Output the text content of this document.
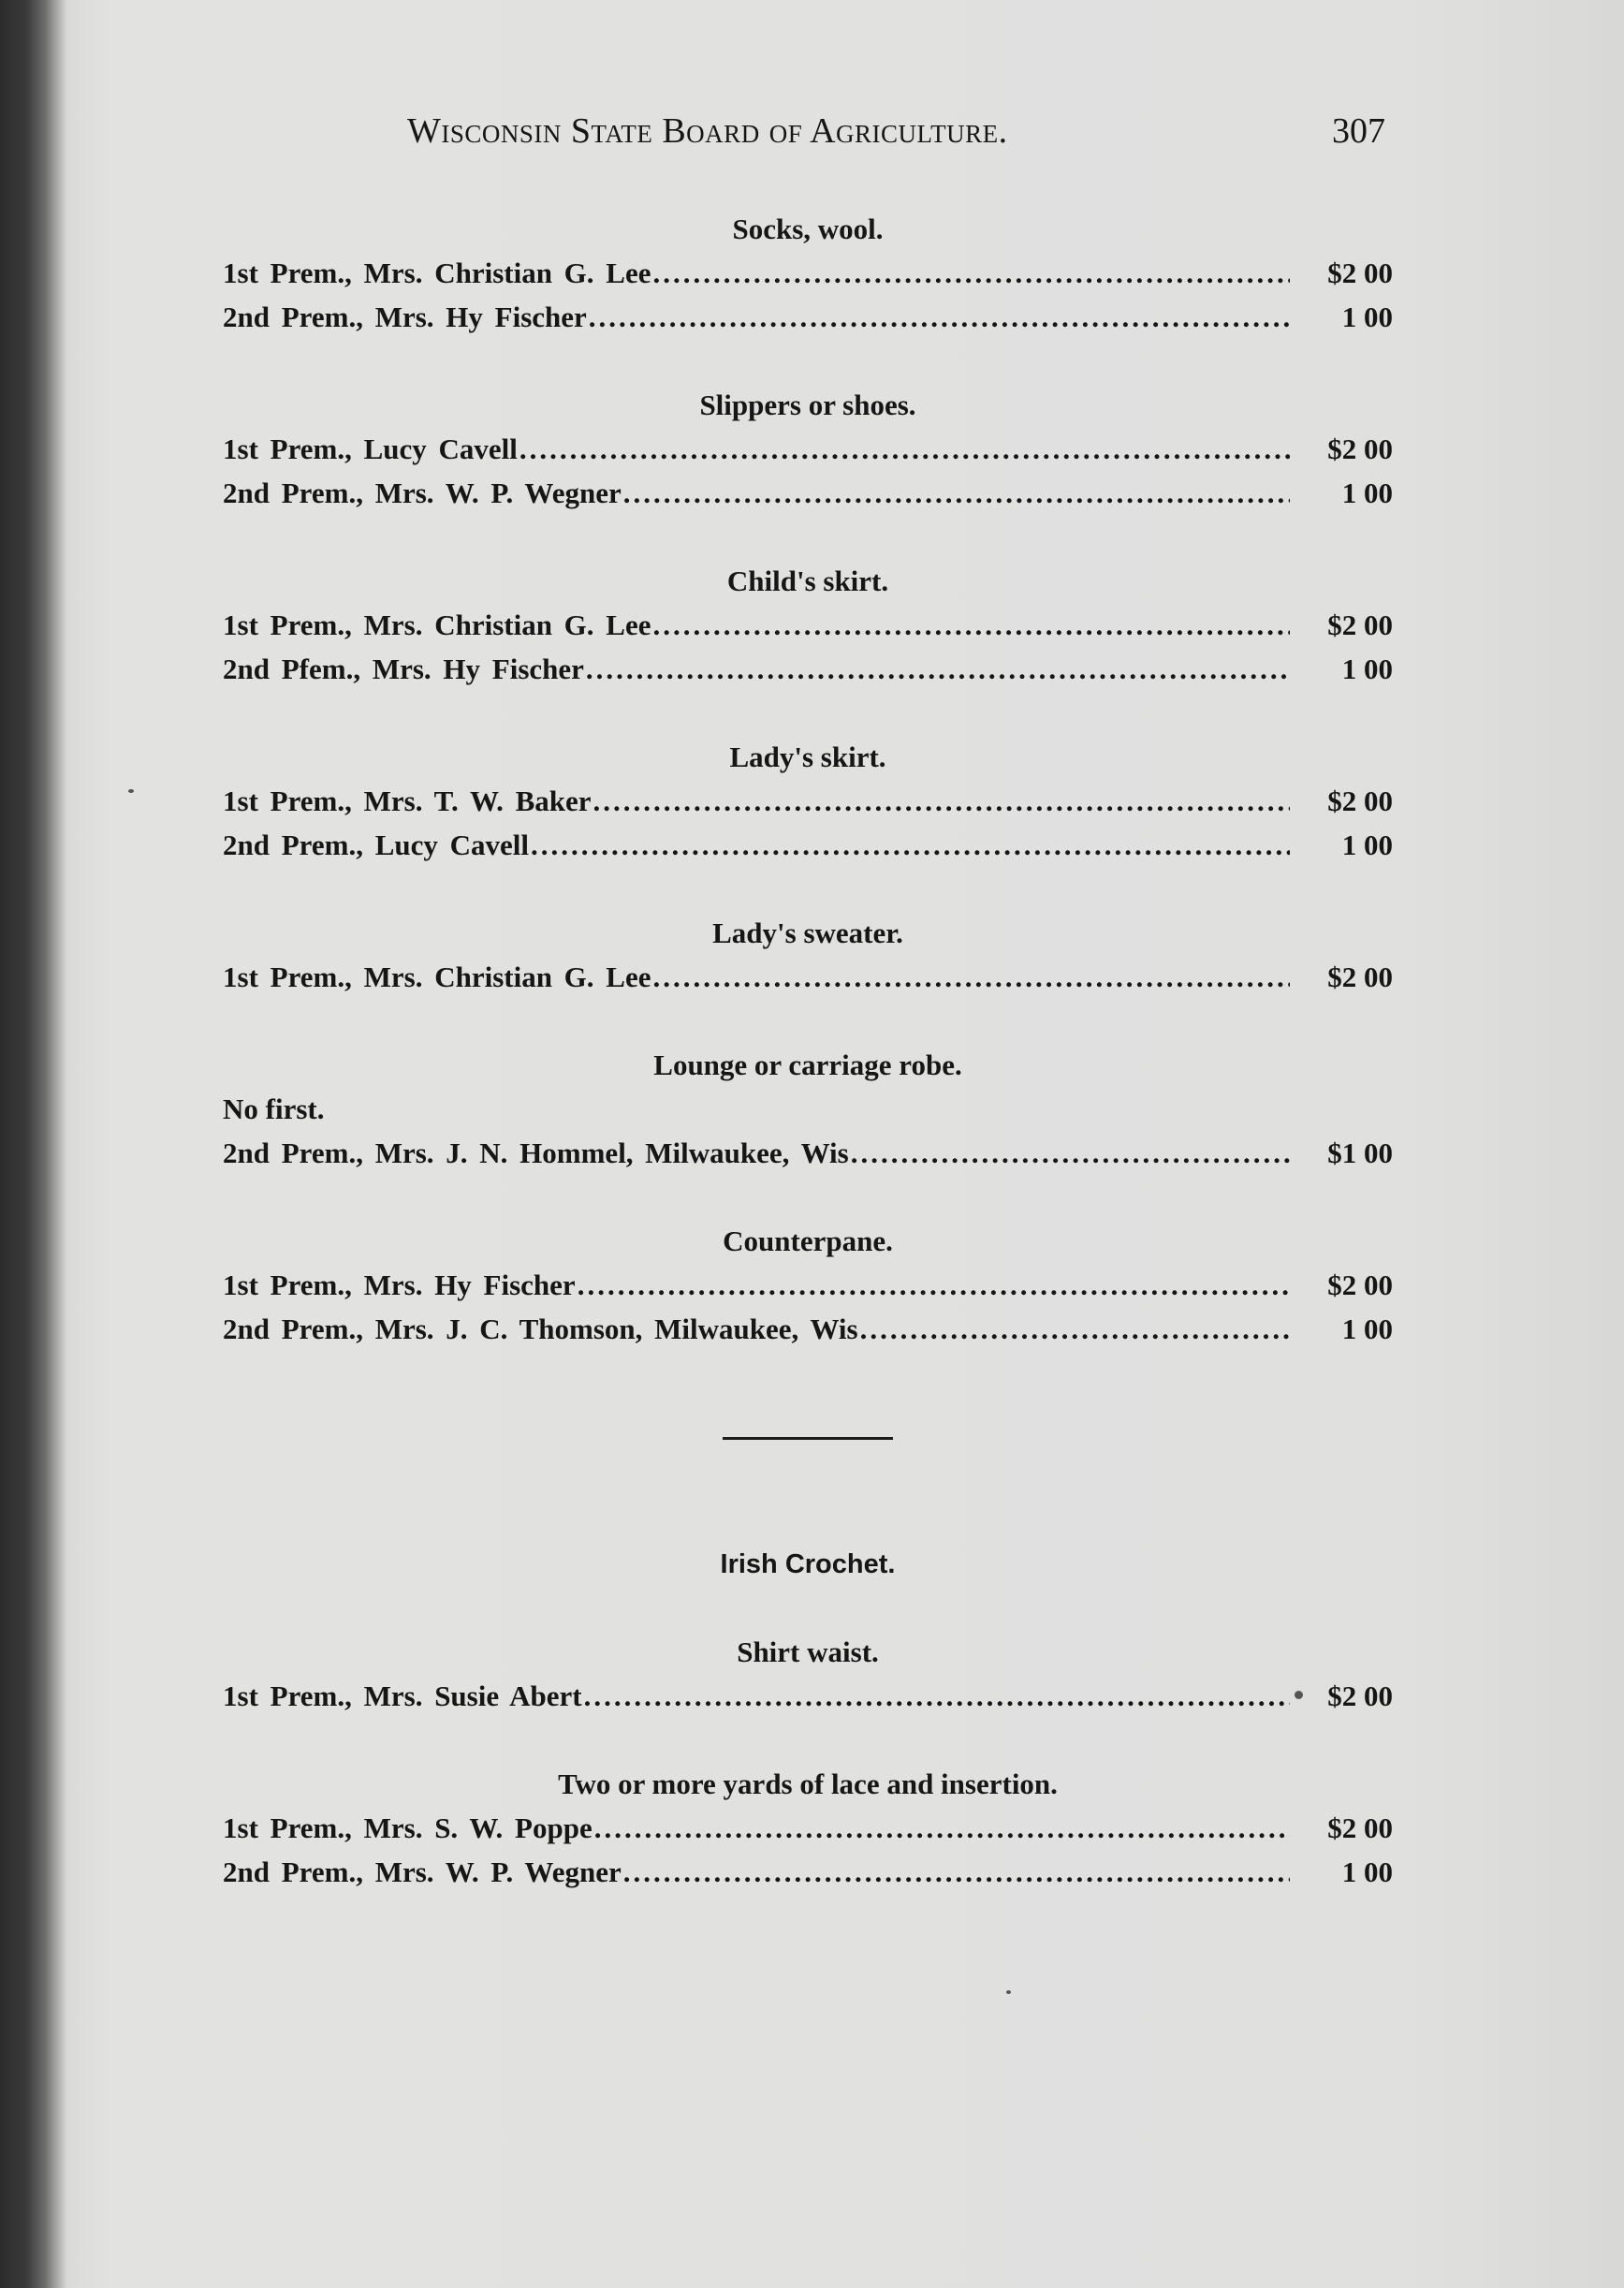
Wisconsin State Board of Agriculture.	307
Socks, wool.
1st Prem., Mrs. Christian G. Lee .....	$2 00
2nd Prem., Mrs. Hy Fischer .....	1 00
Slippers or shoes.
1st Prem., Lucy Cavell .....	$2 00
2nd Prem., Mrs. W. P. Wegner .....	1 00
Child's skirt.
1st Prem., Mrs. Christian G. Lee .....	$2 00
2nd Pfem., Mrs. Hy Fischer .....	1 00
Lady's skirt.
1st Prem., Mrs. T. W. Baker .....	$2 00
2nd Prem., Lucy Cavell .....	1 00
Lady's sweater.
1st Prem., Mrs. Christian G. Lee .....	$2 00
Lounge or carriage robe.
No first.
2nd Prem., Mrs. J. N. Hommel, Milwaukee, Wis .....	$1 00
Counterpane.
1st Prem., Mrs. Hy Fischer .....	$2 00
2nd Prem., Mrs. J. C. Thomson, Milwaukee, Wis .....	1 00
Irish Crochet.
Shirt waist.
1st Prem., Mrs. Susie Abert .....	$2 00
Two or more yards of lace and insertion.
1st Prem., Mrs. S. W. Poppe .....	$2 00
2nd Prem., Mrs. W. P. Wegner .....	1 00
